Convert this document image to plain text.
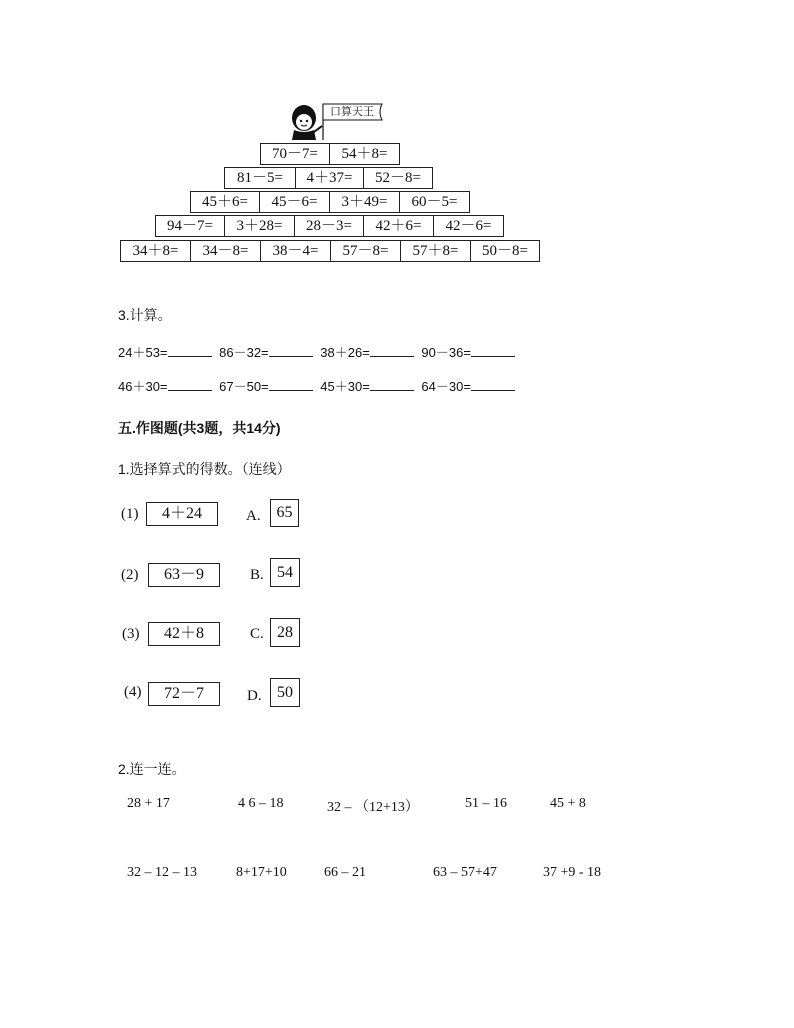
口算天王
70－7=	54＋8=
81－5=	4＋37=	52－8=
45＋6=	45－6=	3＋49=	60－5=
94－7=	3＋28=	28－3=	42＋6=	42－6=
34＋8=	34－8=	38－4=	57－8=	57＋8=	50－8=
3.计算。
24＋53=	86－32=	38＋26=	90－36=
46＋30=	67－50=	45＋30=	64－30=
五.作图题(共3题，共14分)
1.选择算式的得数。（连线）
(1)	4＋24	A. 65
(2)	63－9	B. 54
(3)	42＋8	C. 28
(4)	72－7	D. 50
2.连一连。
28 + 17	4 6 – 18	32 – （12+13）	51 – 16	45 + 8
32 – 12 – 13	8+17+10	66 – 21	63 – 57+47	37 +9 - 18
